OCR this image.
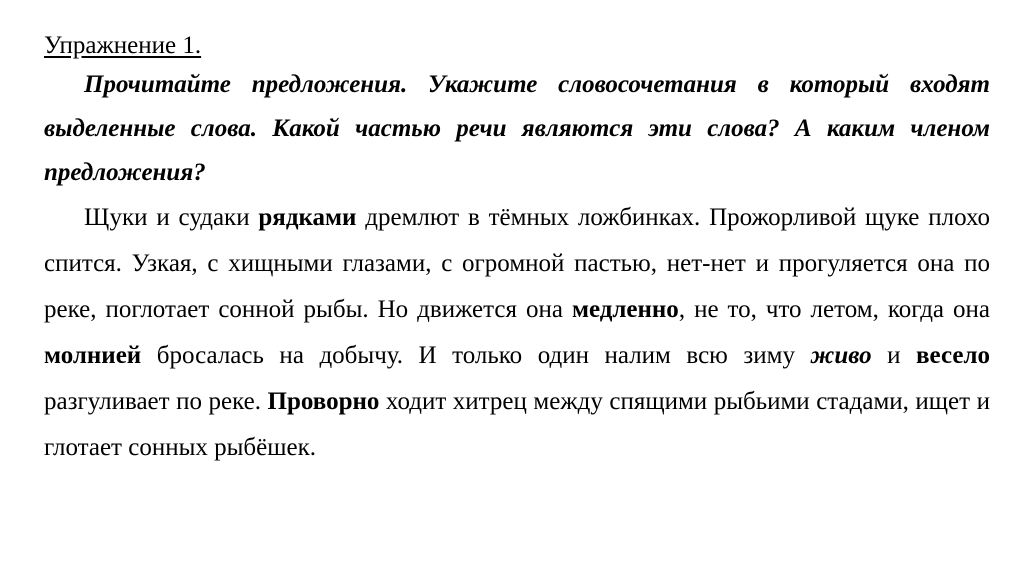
Упражнение 1.

Прочитайте предложения. Укажите словосочетания в который входят выделенные слова. Какой частью речи являются эти слова? А каким членом предложения?

Щуки и судаки рядками дремлют в тёмных ложбинках. Прожорливой щуке плохо спится. Узкая, с хищными глазами, с огромной пастью, нет-нет и прогуляется она по реке, поглотает сонной рыбы. Но движется она медленно, не то, что летом, когда она молнией бросалась на добычу. И только один налим всю зиму живо и весело разгуливает по реке. Проворно ходит хитрец между спящими рыбьими стадами, ищет и глотает сонных рыбёшек.
